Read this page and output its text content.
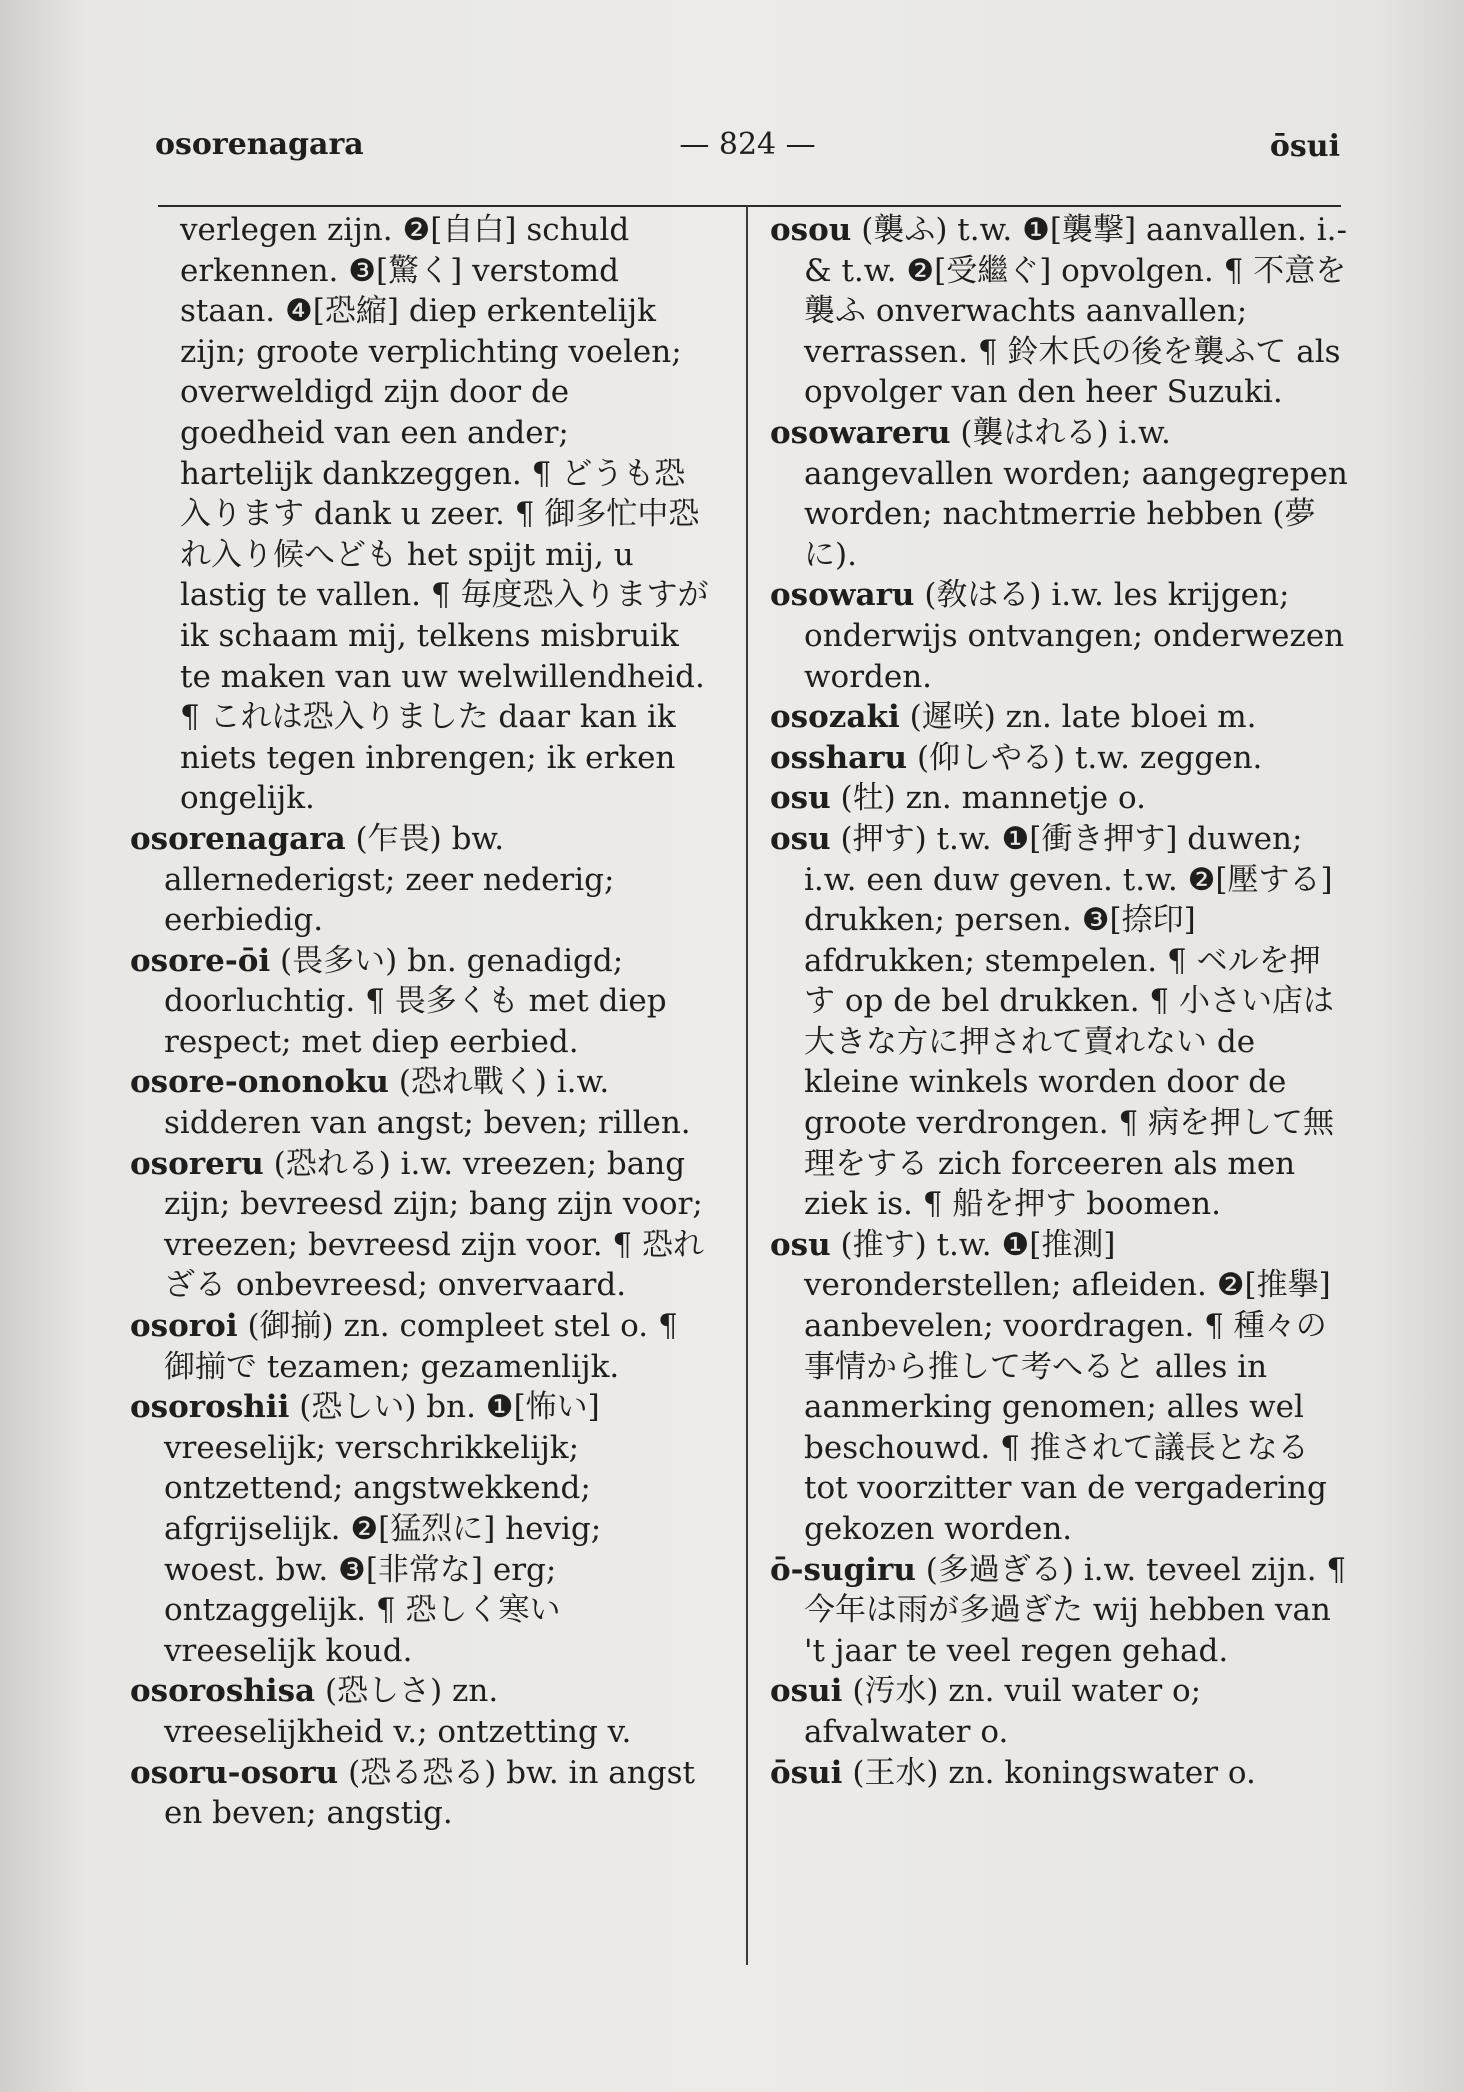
osorenagara	— 824 —	ōsui

verlegen zijn. ❷[自白] schuld erkennen. ❸[驚く] verstomd staan. ❹[恐縮] diep erkentelijk zijn; groote verplichting voelen; overweldigd zijn door de goedheid van een ander; hartelijk dankzeggen. ¶ どうも恐入ります dank u zeer. ¶ 御多忙中恐れ入り候へども het spijt mij, u lastig te vallen. ¶ 毎度恐入りますが ik schaam mij, telkens misbruik te maken van uw welwillendheid. ¶ これは恐入りました daar kan ik niets tegen inbrengen; ik erken ongelijk.

osorenagara (乍畏) bw. allernederigst; zeer nederig; eerbiedig.

osore-ōi (畏多い) bn. genadigd; doorluchtig. ¶ 畏多くも met diep respect; met diep eerbied.

osore-ononoku (恐れ戰く) i.w. sidderen van angst; beven; rillen.

osoreru (恐れる) i.w. vreezen; bang zijn; bevreesd zijn; bang zijn voor; vreezen; bevreesd zijn voor. ¶ 恐れざる onbevreesd; onvervaard.

osoroi (御揃) zn. compleet stel o. ¶ 御揃で tezamen; gezamenlijk.

osoroshii (恐しい) bn. ❶[怖い] vreeselijk; verschrikkelijk; ontzettend; angstwekkend; afgrijselijk. ❷[猛烈に] hevig; woest. bw. ❸[非常な] erg; ontzaggelijk. ¶ 恐しく寒い vreeselijk koud.

osoroshisa (恐しさ) zn. vreeselijkheid v.; ontzetting v.

osoru-osoru (恐る恐る) bw. in angst en beven; angstig.

osou (襲ふ) t.w. ❶[襲撃] aanvallen. i.- & t.w. ❷[受繼ぐ] opvolgen. ¶ 不意を襲ふ onverwachts aanvallen; verrassen. ¶ 鈴木氏の後を襲ふて als opvolger van den heer Suzuki.

osowareru (襲はれる) i.w. aangevallen worden; aangegrepen worden; nachtmerrie hebben (夢に).

osowaru (敎はる) i.w. les krijgen; onderwijs ontvangen; onderwezen worden.

osozaki (遲咲) zn. late bloei m.

ossharu (仰しやる) t.w. zeggen.

osu (牡) zn. mannetje o.

osu (押す) t.w. ❶[衝き押す] duwen; i.w. een duw geven. t.w. ❷[壓する] drukken; persen. ❸[捺印] afdrukken; stempelen. ¶ ベルを押す op de bel drukken. ¶ 小さい店は大きな方に押されて賣れない de kleine winkels worden door de groote verdrongen. ¶ 病を押して無理をする zich forceeren als men ziek is. ¶ 船を押す boomen.

osu (推す) t.w. ❶[推測] veronderstellen; afleiden. ❷[推擧] aanbevelen; voordragen. ¶ 種々の事情から推して考へると alles in aanmerking genomen; alles wel beschouwd. ¶ 推されて議長となる tot voorzitter van de vergadering gekozen worden.

ō-sugiru (多過ぎる) i.w. teveel zijn. ¶ 今年は雨が多過ぎた wij hebben van 't jaar te veel regen gehad.

osui (汚水) zn. vuil water o; afvalwater o.

ōsui (王水) zn. koningswater o.
